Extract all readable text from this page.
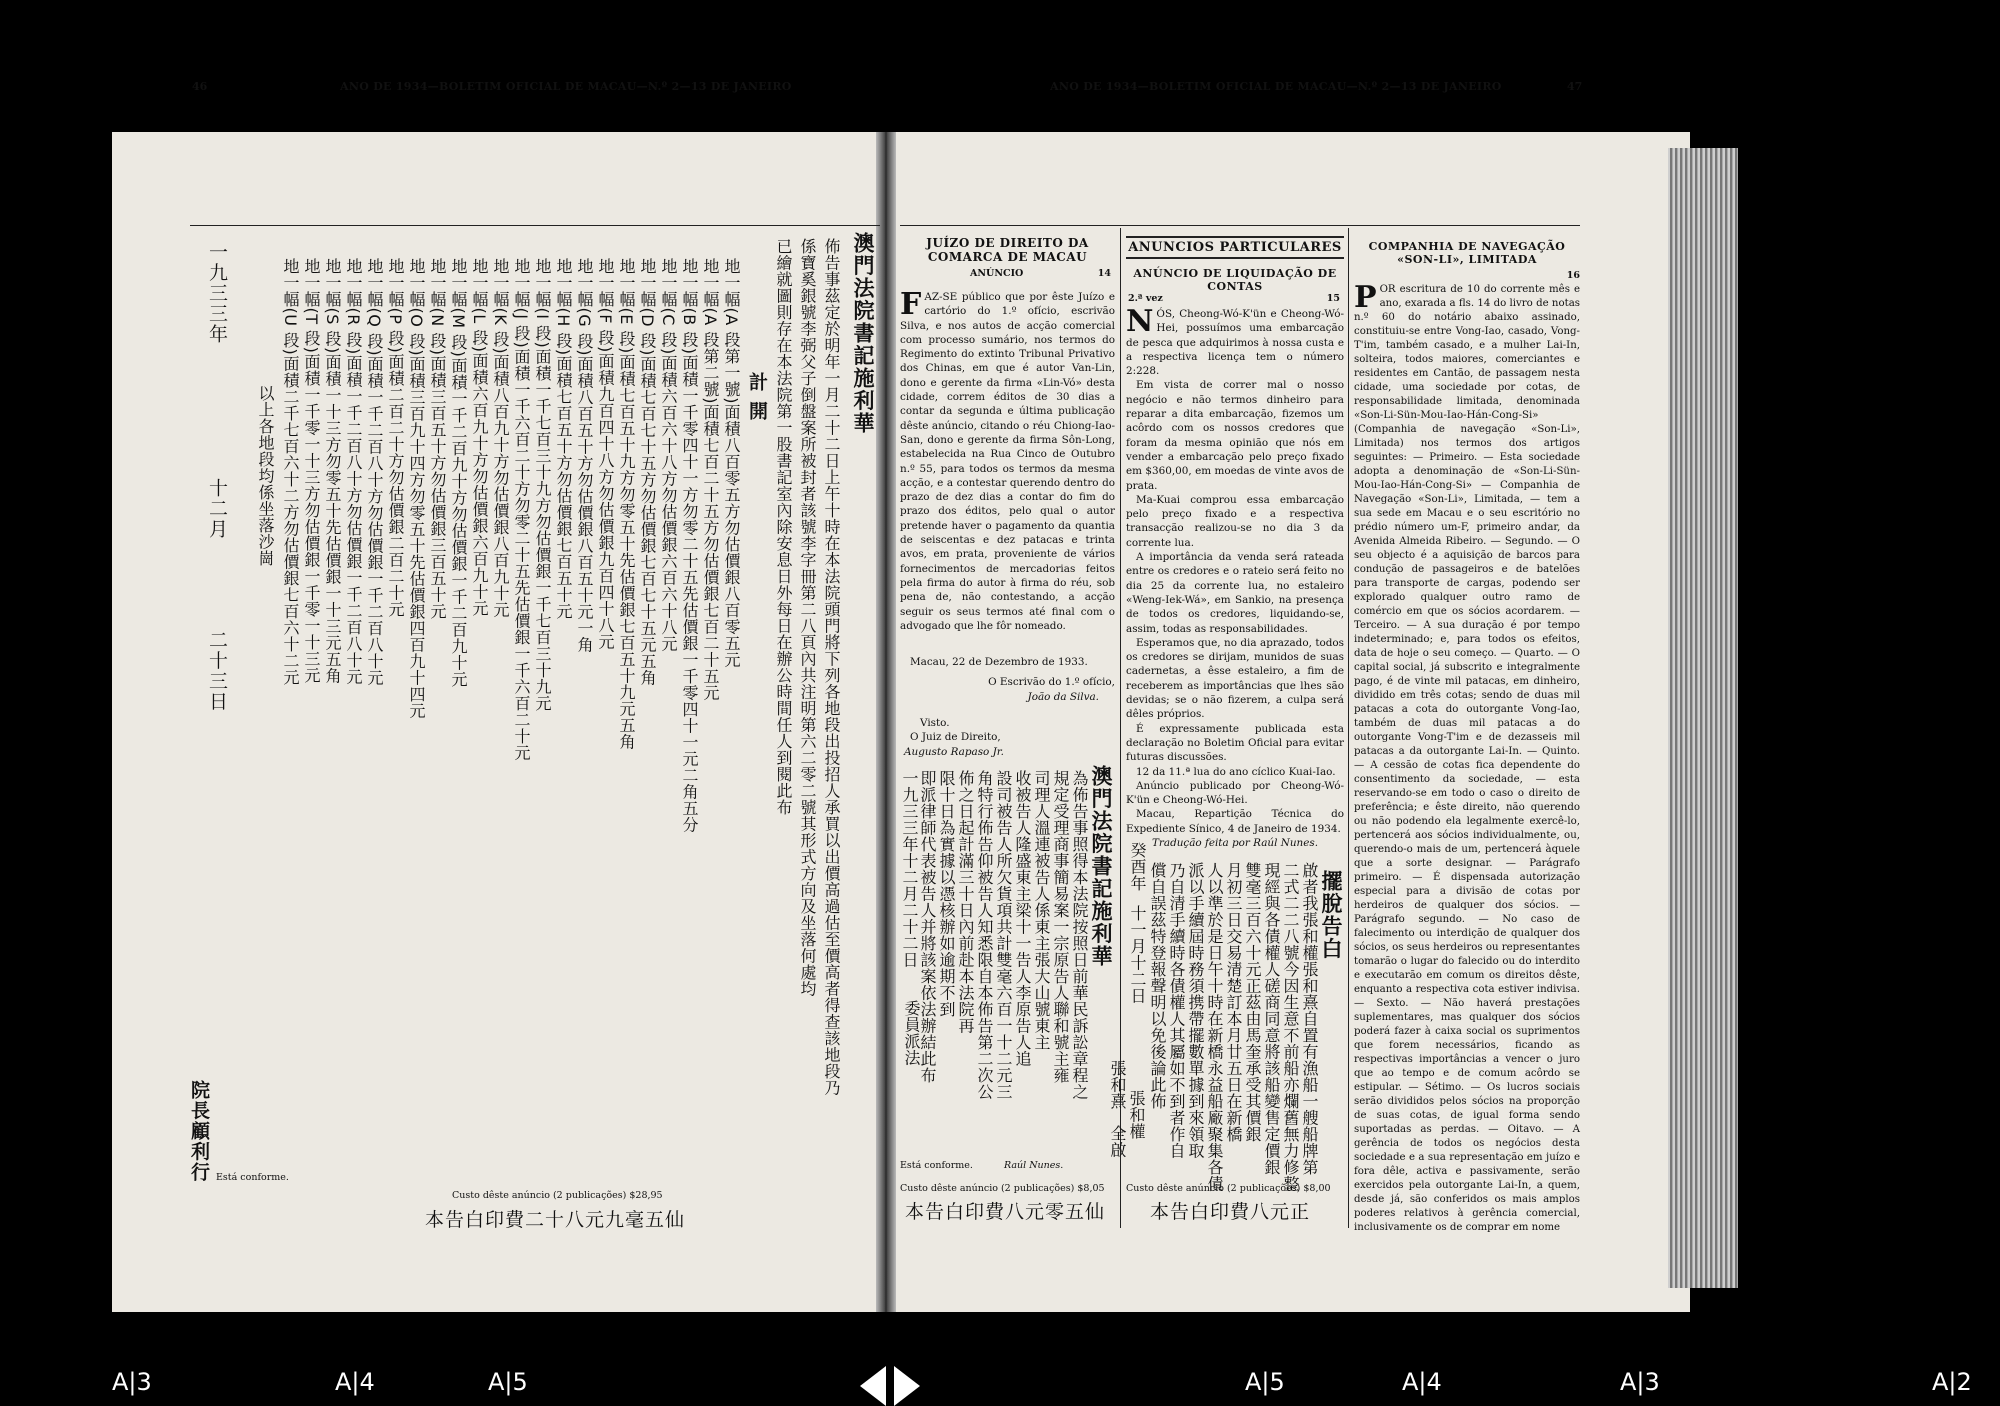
46	ANO DE 1934—BOLETIM OFICIAL DE MACAU—N.º 2—13 DE JANEIRO
澳門法院書記施利華
佈告事茲定於明年一月二十二日上午十時在本法院頭門將下列各地段出投招人承買以出價高過估至價高者得查該地段乃
係寶奚銀號李弼父子倒盤案所被封者該號李字冊第二八頁內共注明第六二零二號其形式方向及坐落何處均
已繪就圖則存在本法院第一股書記室內除安息日外每日在辦公時間任人到閱此布
計 開
地一幅(A 段第一號)面積八百零五方勿估價銀八百零五元
地一幅(A 段第二號)面積七百二十五方勿估價銀七百二十五元
地一幅(B 段)面積一千零四十一方勿零二十五先估價銀一千零四十一元二角五分
地一幅(C 段)面積六百六十八方勿估價銀六百六十八元
地一幅(D 段)面積七百七十五方勿估價銀七百七十五元五角
地一幅(E 段)面積七百五十九方勿零五十先估價銀七百五十九元五角
地一幅(F 段)面積九百四十八方勿估價銀九百四十八元
地一幅(G 段)面積八百五十方勿估價銀八百五十元一角
地一幅(H 段)面積七百五十方勿估價銀七百五十元
地一幅(I 段)面積一千七百三十九方勿估價銀一千七百三十九元
地一幅(J 段)面積一千六百二十方勿零二十五先估價銀一千六百二十元
地一幅(K 段)面積八百九十方勿估價銀八百九十元
地一幅(L 段)面積六百九十方勿估價銀六百九十元
地一幅(M 段)面積一千二百九十方勿估價銀一千二百九十元
地一幅(N 段)面積三百五十方勿估價銀三百五十元
地一幅(O 段)面積三百九十四方勿零五十先估價銀四百九十四元
地一幅(P 段)面積二百二十方勿估價銀二百二十元
地一幅(Q 段)面積一千二百八十方勿估價銀一千二百八十元
地一幅(R 段)面積一千二百八十方勿估價銀一千二百八十元
地一幅(S 段)面積一十三方勿零五十先估價銀一十三元五角
地一幅(T 段)面積一千零一十三方勿估價銀一千零一十三元
地一幅(U 段)面積二千七百六十二方勿估價銀七百六十二元
以上各地段均係坐落沙崗
一九三三年
十二月
二十三日
院長顧利行 Está conforme.
Custo dêste anúncio (2 publicações) $28,95
本告白印費二十八元九毫五仙
ANO DE 1934—BOLETIM OFICIAL DE MACAU—N.º 2—13 DE JANEIRO	47
JUÍZO DE DIREITO DA COMARCA DE MACAU
ANÚNCIO	14
FAZ-SE público que por êste Juízo e cartório do 1.º ofício, escrivão Silva, e nos autos de acção comercial com processo sumário, nos termos do Regimento do extinto Tribunal Privativo dos Chinas, em que é autor Van-Lin, dono e gerente da firma «Lin-Vó» desta cidade, correm éditos de 30 dias a contar da segunda e última publicação dêste anúncio, citando o réu Chiong-Iao-San, dono e gerente da firma Sôn-Long, estabelecida na Rua Cinco de Outubro n.º 55, para todos os termos da mesma acção, e a contestar querendo dentro do prazo de dez dias a contar do fim do prazo dos éditos, pelo qual o autor pretende haver o pagamento da quantia de seiscentas e dez patacas e trinta avos, em prata, proveniente de vários fornecimentos de mercadorias feitos pela firma do autor à firma do réu, sob pena de, não contestando, a acção seguir os seus termos até final com o advogado que lhe fôr nomeado.
Macau, 22 de Dezembro de 1933.
O Escrivão do 1.º ofício,
João da Silva.
Visto.
O Juiz de Direito,
Augusto Rapaso Jr.
澳門法院書記施利華
為佈告事照得本法院按照日前華民訴訟章程之
規定受理商事簡易案一宗原告人聯和號主雍
司理人溫連被告人係東主張大山號東主
收被告人隆盛東主梁十一告人李原告人追
設司被告人所欠貨項共計雙毫六百一十二元三
角特行佈告仰被告人知悉限自本佈告第二次公
佈之日起計滿三十日內前赴本法院再
限十日為實據以憑核辦如逾期不到
即派律師代表被告人并將該案依法辦結此布
委員派法
一九三三年十二月二十二日
Raúl Nunes.
Está conforme.
Custo dêste anúncio (2 publicações) $8,05
本告白印費八元零五仙
ANUNCIOS PARTICULARES
ANÚNCIO DE LIQUIDAÇÃO DE CONTAS
2.ª vez	15
NÓS, Cheong-Wó-K'ün e Cheong-Wó-Hei, possuímos uma embarcação de pesca que adquirimos à nossa custa e a respectiva licença tem o número 2:228.
Em vista de correr mal o nosso negócio e não termos dinheiro para reparar a dita embarcação, fizemos um acôrdo com os nossos credores que foram da mesma opinião que nós em vender a embarcação pelo preço fixado em $360,00, em moedas de vinte avos de prata.
Ma-Kuai comprou essa embarcação pelo preço fixado e a respectiva transacção realizou-se no dia 3 da corrente lua.
A importância da venda será rateada entre os credores e o rateio será feito no dia 25 da corrente lua, no estaleiro «Weng-Iek-Wá», em Sankio, na presença de todos os credores, liquidando-se, assim, todas as responsabilidades.
Esperamos que, no dia aprazado, todos os credores se dirijam, munidos de suas cadernetas, a êsse estaleiro, a fim de receberem as importâncias que lhes são devidas; se o não fizerem, a culpa será dêles próprios.
É expressamente publicada esta declaração no Boletim Oficial para evitar futuras discussões.
12 da 11.ª lua do ano cíclico Kuai-Iao.
Anúncio publicado por Cheong-Wó-K'ün e Cheong-Wó-Hei.
Macau, Repartição Técnica do Expediente Sínico, 4 de Janeiro de 1934.
Tradução feita por Raúl Nunes.
擺脫告白
啟者我張和權張和熹自置有漁船一艘船牌第
二式二二八號今因生意不前船亦爛舊無力修整
現經與各債權人磋商同意將該船變售定價銀
雙毫三百六十元正茲由馬奎承受其價銀
月初三日交易清楚訂本月廿五日在新橋
人以準於是日午十時在新橋永益船廠聚集各債
派以手續屆時務須携帶擺數單據到來領取
乃自清手續時各債權人其屬如不到者作自
償自誤茲特登報聲明以免後論此佈
癸酉年
十一月十二日
張和權
張和熹
全啟
Custo dêste anúncio (2 publicações) $8,00
本告白印費八元正
COMPANHIA DE NAVEGAÇÃO «SON-LI», LIMITADA
16
POR escritura de 10 do corrente mês e ano, exarada a fls. 14 do livro de notas n.º 60 do notário abaixo assinado, constituiu-se entre Vong-Iao, casado, Vong-T'im, também casado, e a mulher Lai-In, solteira, todos maiores, comerciantes e residentes em Cantão, de passagem nesta cidade, uma sociedade por cotas, de responsabilidade limitada, denominada «Son-Li-Sün-Mou-Iao-Hán-Cong-Si» (Companhia de navegação «Son-Li», Limitada) nos termos dos artigos seguintes: — Primeiro. — Esta sociedade adopta a denominação de «Son-Li-Sün-Mou-Iao-Hán-Cong-Si» — Companhia de Navegação «Son-Li», Limitada, — tem a sua sede em Macau e o seu escritório no prédio número um-F, primeiro andar, da Avenida Almeida Ribeiro. — Segundo. — O seu objecto é a aquisição de barcos para condução de passageiros e de batelões para transporte de cargas, podendo ser explorado qualquer outro ramo de comércio em que os sócios acordarem. — Terceiro. — A sua duração é por tempo indeterminado; e, para todos os efeitos, data de hoje o seu começo. — Quarto. — O capital social, já subscrito e integralmente pago, é de vinte mil patacas, em dinheiro, dividido em três cotas; sendo de duas mil patacas a cota do outorgante Vong-Iao, também de duas mil patacas a do outorgante Vong-T'im e de dezasseis mil patacas a da outorgante Lai-In. — Quinto. — A cessão de cotas fica dependente do consentimento da sociedade, — esta reservando-se em todo o caso o direito de preferência; e êste direito, não querendo ou não podendo ela legalmente exercê-lo, pertencerá aos sócios individualmente, ou, querendo-o mais de um, pertencerá àquele que a sorte designar. — Parágrafo primeiro. — É dispensada autorização especial para a divisão de cotas por herdeiros de qualquer dos sócios. — Parágrafo segundo. — No caso de falecimento ou interdição de qualquer dos sócios, os seus herdeiros ou representantes tomarão o lugar do falecido ou do interdito e executarão em comum os direitos dêste, enquanto a respectiva cota estiver indivisa. — Sexto. — Não haverá prestações suplementares, mas qualquer dos sócios poderá fazer à caixa social os suprimentos que forem necessários, ficando as respectivas importâncias a vencer o juro que ao tempo e de comum acôrdo se estipular. — Sétimo. — Os lucros sociais serão divididos pelos sócios na proporção de suas cotas, de igual forma sendo suportadas as perdas. — Oitavo. — A gerência de todos os negócios desta sociedade e a sua representação em juízo e fora dêle, activa e passivamente, serão exercidos pela outorgante Lai-In, a quem, desde já, são conferidos os mais amplos poderes relativos à gerência comercial, inclusivamente os de comprar em nome
A|3	A|4	A|5	A|5	A|4	A|3	A|2
